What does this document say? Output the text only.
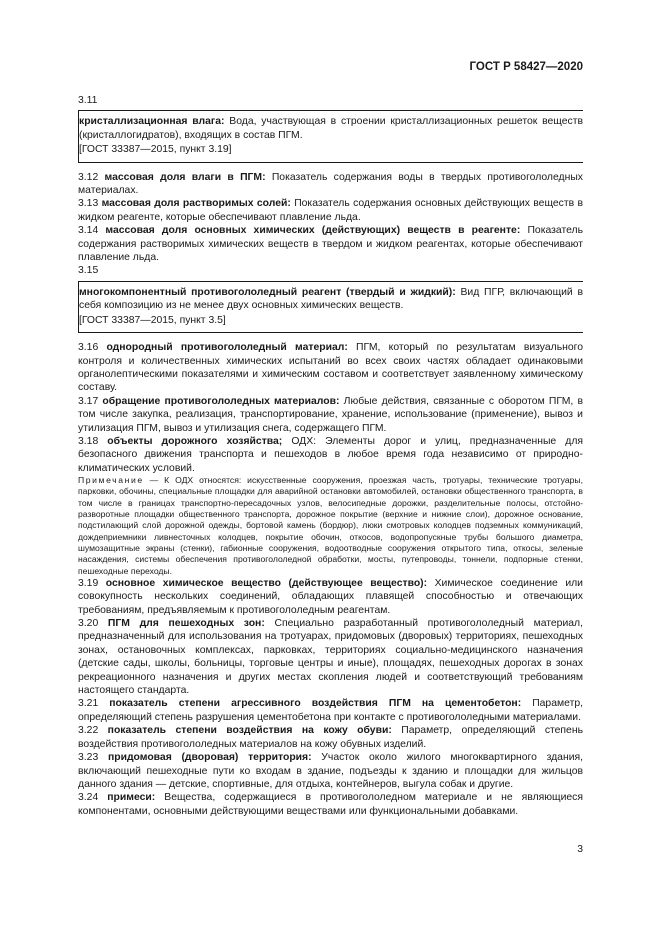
ГОСТ Р 58427—2020

3.11

кристаллизационная влага: Вода, участвующая в строении кристаллизационных решеток веществ (кристаллогидратов), входящих в состав ПГМ.

[ГОСТ 33387—2015, пункт 3.19]

3.12 массовая доля влаги в ПГМ: Показатель содержания воды в твердых противогололедных материалах.

3.13 массовая доля растворимых солей: Показатель содержания основных действующих веществ в жидком реагенте, которые обеспечивают плавление льда.

3.14 массовая доля основных химических (действующих) веществ в реагенте: Показатель содержания растворимых химических веществ в твердом и жидком реагентах, которые обеспечивают плавление льда.

3.15

многокомпонентный противогололедный реагент (твердый и жидкий): Вид ПГР, включающий в себя композицию из не менее двух основных химических веществ.

[ГОСТ 33387—2015, пункт 3.5]

3.16 однородный противогололедный материал: ПГМ, который по результатам визуального контроля и количественных химических испытаний во всех своих частях обладает одинаковыми органолептическими показателями и химическим составом и соответствует заявленному химическому составу.

3.17 обращение противогололедных материалов: Любые действия, связанные с оборотом ПГМ, в том числе закупка, реализация, транспортирование, хранение, использование (применение), вывоз и утилизация ПГМ, вывоз и утилизация снега, содержащего ПГМ.

3.18 объекты дорожного хозяйства; ОДХ: Элементы дорог и улиц, предназначенные для безопасного движения транспорта и пешеходов в любое время года независимо от природно-климатических условий.

Примечание — К ОДХ относятся: искусственные сооружения, проезжая часть, тротуары, технические тротуары, парковки, обочины, специальные площадки для аварийной остановки автомобилей, остановки общественного транспорта, в том числе в границах транспортно-пересадочных узлов, велосипедные дорожки, разделительные полосы, отстойно-разворотные площадки общественного транспорта, дорожное покрытие (верхние и нижние слои), дорожное основание, подстилающий слой дорожной одежды, бортовой камень (бордюр), люки смотровых колодцев подземных коммуникаций, дождеприемники ливнесточных колодцев, покрытие обочин, откосов, водопропускные трубы большого диаметра, шумозащитные экраны (стенки), габионные сооружения, водоотводные сооружения открытого типа, откосы, зеленые насаждения, системы обеспечения противогололедной обработки, мосты, путепроводы, тоннели, подпорные стенки, пешеходные переходы.

3.19 основное химическое вещество (действующее вещество): Химическое соединение или совокупность нескольких соединений, обладающих плавящей способностью и отвечающих требованиям, предъявляемым к противогололедным реагентам.

3.20 ПГМ для пешеходных зон: Специально разработанный противогололедный материал, предназначенный для использования на тротуарах, придомовых (дворовых) территориях, пешеходных зонах, остановочных комплексах, парковках, территориях социально-медицинского назначения (детские сады, школы, больницы, торговые центры и иные), площадях, пешеходных дорогах в зонах рекреационного назначения и других местах скопления людей и соответствующий требованиям настоящего стандарта.

3.21 показатель степени агрессивного воздействия ПГМ на цементобетон: Параметр, определяющий степень разрушения цементобетона при контакте с противогололедными материалами.

3.22 показатель степени воздействия на кожу обуви: Параметр, определяющий степень воздействия противогололедных материалов на кожу обувных изделий.

3.23 придомовая (дворовая) территория: Участок около жилого многоквартирного здания, включающий пешеходные пути ко входам в здание, подъезды к зданию и площадки для жильцов данного здания — детские, спортивные, для отдыха, контейнеров, выгула собак и другие.

3.24 примеси: Вещества, содержащиеся в противогололедном материале и не являющиеся компонентами, основными действующими веществами или функциональными добавками.

3
